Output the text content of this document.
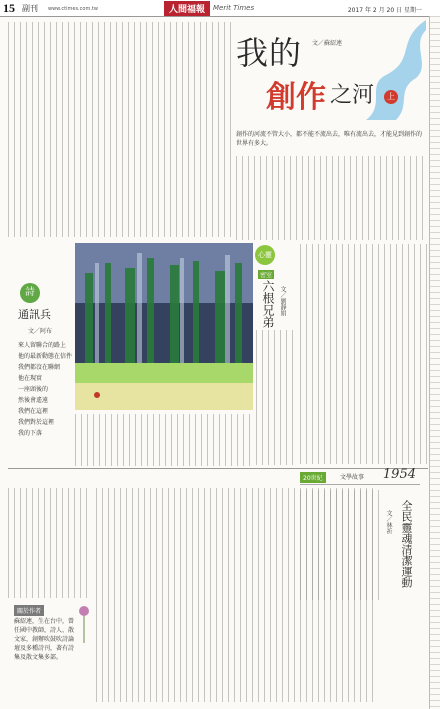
15 副刊 www.ctimes.com.tw	人間福報	Merit Times	2017 年 2 月 20 日 星期一
我的 文／蘇紹連
創作 之河	上
創作的河流不管大小，都不能不流出去，唯有流出去，才能見到創作的世界有多大。
詩
通訊兵
文／阿布
來人留聯合的路上
他的最新動態在信件
我們都沒在聯網
他在現實
一座頭後的
然後會遙遠
我們在這裡
我們對於這裡
我的下落
心靈
密室
六根兄弟 文／劉靜娟
20世紀	文學故事 1954
全民靈魂清潔運動
文／林祈
關於作者
蘇紹連，生在台中，曾任國中教師，詩人、散文家，創辦吹鼓吹詩論壇及多種詩刊，著有詩集及散文集多部。
